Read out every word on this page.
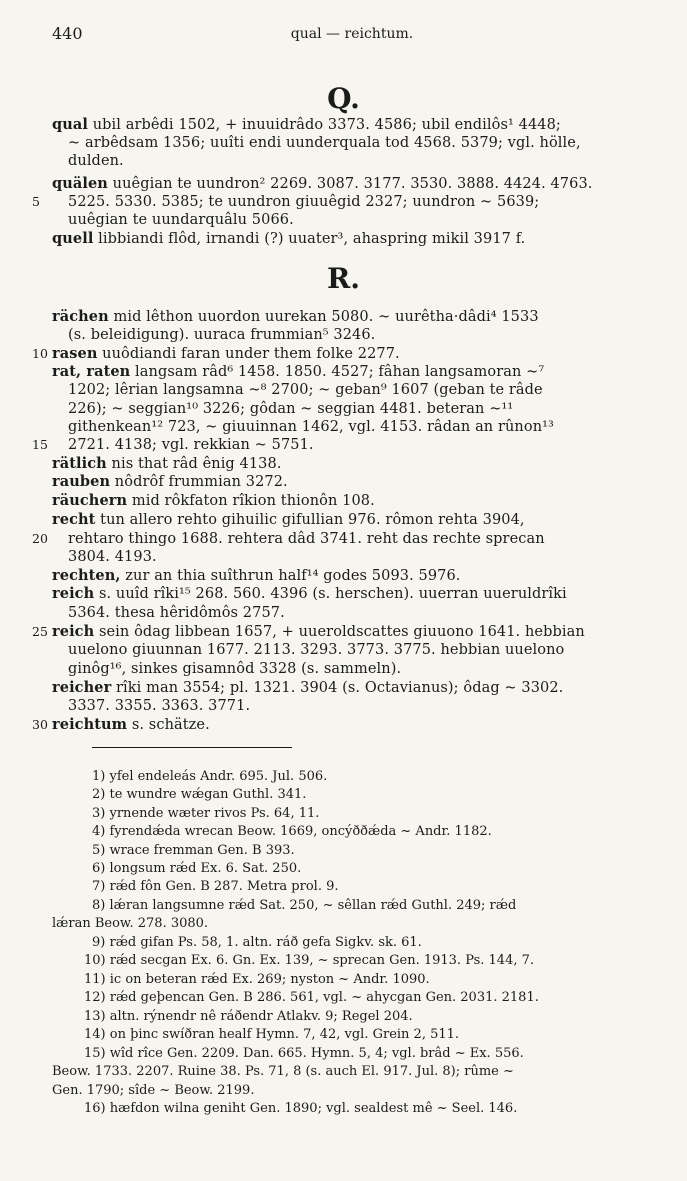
440	qual — reichtum.
Q.
R.
qual ubil arbêdi 1502, + inuuidrâdo 3373. 4586; ubil endilôs¹ 4448;
~ arbêdsam 1356; uuîti endi uunderquala tod 4568. 5379; vgl. hölle,
dulden.
quälen uuêgian te uundron² 2269. 3087. 3177. 3530. 3888. 4424. 4763.
5225. 5330. 5385; te uundron giuuêgid 2327; uundron ~ 5639;
5
uuêgian te uundarquâlu 5066.
quell libbiandi flôd, irnandi (?) uuater³, ahaspring mikil 3917 f.
rächen mid lêthon uuordon uurekan 5080. ~ uurêtha·dâdi⁴ 1533
(s. beleidigung). uuraca frummian⁵ 3246.
rasen uuôdiandi faran under them folke 2277.
10
rat, raten langsam râd⁶ 1458. 1850. 4527; fâhan langsamoran ~⁷
1202; lêrian langsamna ~⁸ 2700; ~ geban⁹ 1607 (geban te râde
226); ~ seggian¹⁰ 3226; gôdan ~ seggian 4481. beteran ~¹¹
githenkean¹² 723, ~ giuuinnan 1462, vgl. 4153. râdan an rûnon¹³
2721. 4138; vgl. rekkian ~ 5751.
15
rätlich nis that râd ênig 4138.
rauben nôdrôf frummian 3272.
räuchern mid rôkfaton rîkion thionôn 108.
recht tun allero rehto gihuilic gifullian 976. rômon rehta 3904,
rehtaro thingo 1688. rehtera dâd 3741. reht das rechte sprecan
20
3804. 4193.
rechten, zur an thia suîthrun half¹⁴ godes 5093. 5976.
reich s. uuîd rîki¹⁵ 268. 560. 4396 (s. herschen). uuerran uueruldrîki
5364. thesa hêridômôs 2757.
reich sein ôdag libbean 1657, + uueroldscattes giuuono 1641. hebbian
25
uuelono giuunnan 1677. 2113. 3293. 3773. 3775. hebbian uuelono
ginôg¹⁶, sinkes gisamnôd 3328 (s. sammeln).
reicher rîki man 3554; pl. 1321. 3904 (s. Octavianus); ôdag ~ 3302.
3337. 3355. 3363. 3771.
reichtum s. schätze.
30
1) yfel endeleás Andr. 695. Jul. 506.
2) te wundre wǽgan Guthl. 341.
3) yrnende wæter rivos Ps. 64, 11.
4) fyrendǽda wrecan Beow. 1669, oncýððǽda ~ Andr. 1182.
5) wrace fremman Gen. B 393.
6) longsum rǽd Ex. 6. Sat. 250.
7) rǽd fôn Gen. B 287. Metra prol. 9.
8) lǽran langsumne rǽd Sat. 250, ~ sêllan rǽd Guthl. 249; rǽd
lǽran Beow. 278. 3080.
9) rǽd gifan Ps. 58, 1. altn. ráð gefa Sigkv. sk. 61.
10) rǽd secgan Ex. 6. Gn. Ex. 139, ~ sprecan Gen. 1913. Ps. 144, 7.
11) ic on beteran rǽd Ex. 269; nyston ~ Andr. 1090.
12) rǽd geþencan Gen. B 286. 561, vgl. ~ ahycgan Gen. 2031. 2181.
13) altn. rýnendr nê ráðendr Atlakv. 9; Regel 204.
14) on þinc swíðran healf Hymn. 7, 42, vgl. Grein 2, 511.
15) wîd rîce Gen. 2209. Dan. 665. Hymn. 5, 4; vgl. brâd ~ Ex. 556.
Beow. 1733. 2207. Ruine 38. Ps. 71, 8 (s. auch El. 917. Jul. 8); rûme ~
Gen. 1790; sîde ~ Beow. 2199.
16) hæfdon wilna geniht Gen. 1890; vgl. sealdest mê ~ Seel. 146.
